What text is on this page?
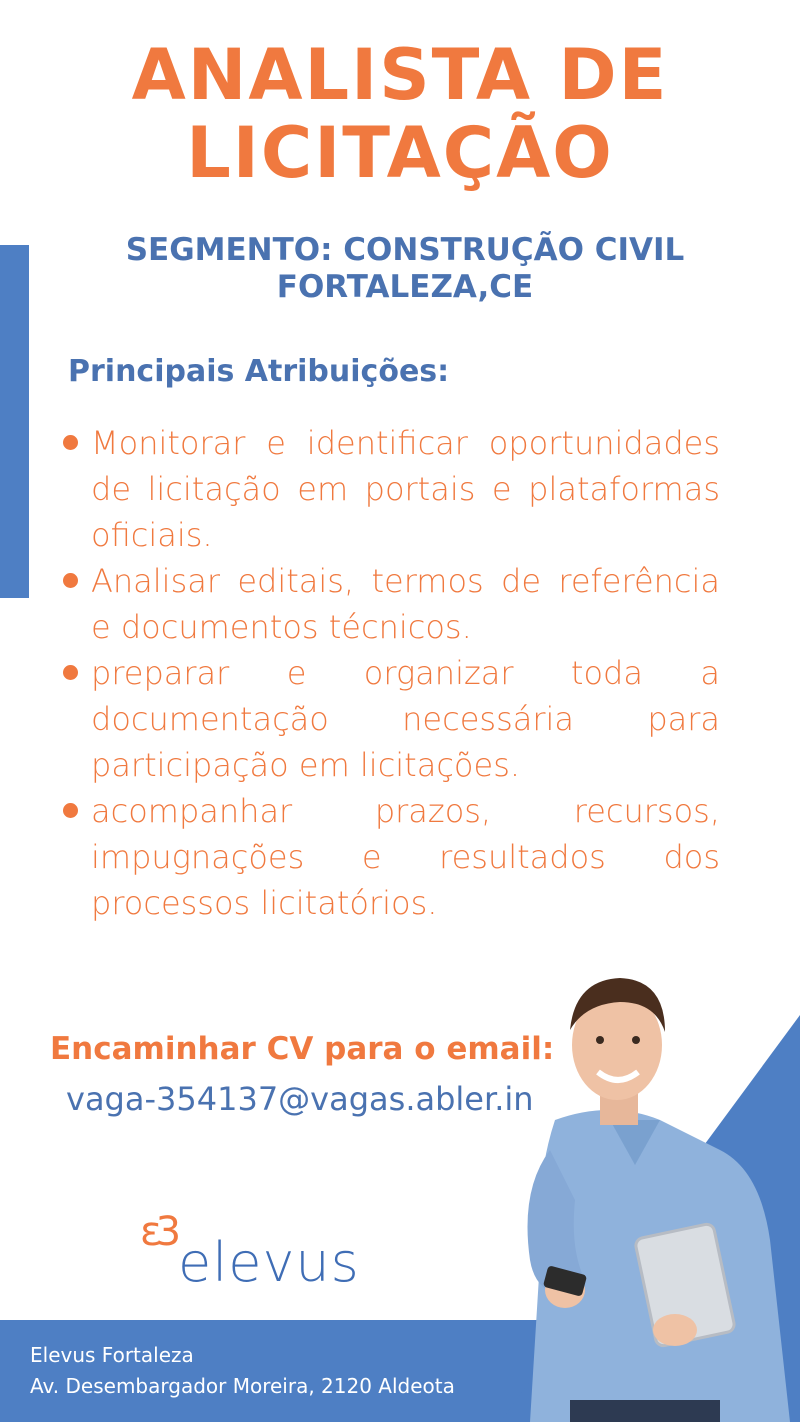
ANALISTA DE
LICITAÇÃO
SEGMENTO: CONSTRUÇÃO CIVIL
FORTALEZA,CE
Principais Atribuições:
Monitorar e identificar oportunidades de licitação em portais e plataformas oficiais.
Analisar editais, termos de referência e documentos técnicos.
preparar e organizar toda a documentação necessária para participação em licitações.
acompanhar prazos, recursos, impugnações e resultados dos processos licitatórios.
Encaminhar CV para o email:
vaga-354137@vagas.abler.in
ε3 elevus
Elevus Fortaleza
Av. Desembargador Moreira, 2120 Aldeota
